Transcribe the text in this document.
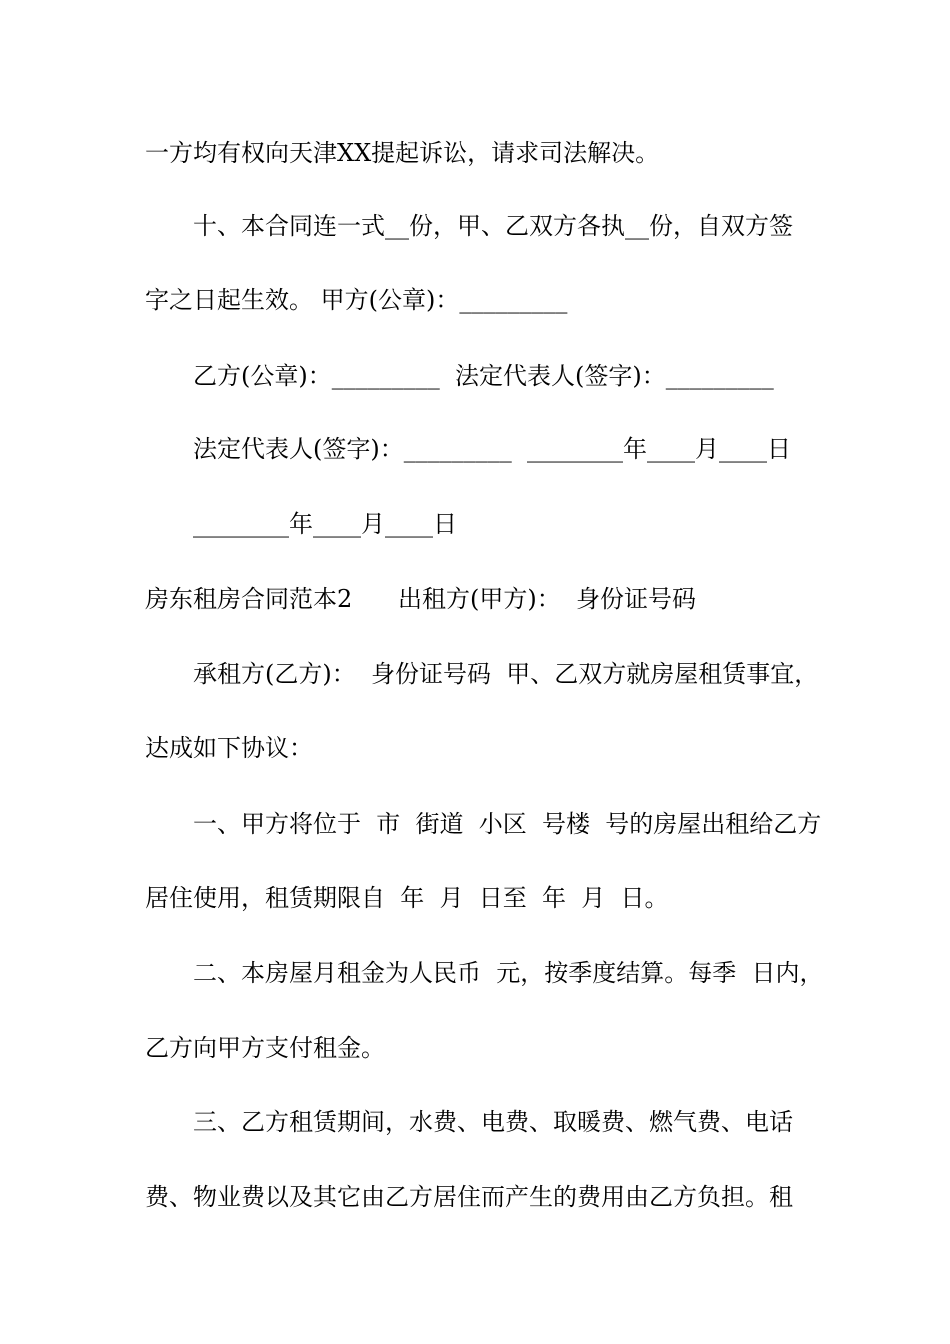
一方均有权向天津XX提起诉讼，请求司法解决。
十、本合同连一式__份，甲、乙双方各执__份，自双方签
字之日起生效。 甲方(公章)：_________
乙方(公章)：_________  法定代表人(签字)：_________
法定代表人(签字)：_________  ________年____月____日
________年____月____日
房东租房合同范本2      出租方(甲方)：  身份证号码
承租方(乙方)：  身份证号码  甲、乙双方就房屋租赁事宜，
达成如下协议：
一、甲方将位于  市  街道  小区  号楼  号的房屋出租给乙方
居住使用，租赁期限自  年  月  日至  年  月  日。
二、本房屋月租金为人民币  元，按季度结算。每季  日内，
乙方向甲方支付租金。
三、乙方租赁期间，水费、电费、取暖费、燃气费、电话
费、物业费以及其它由乙方居住而产生的费用由乙方负担。租
